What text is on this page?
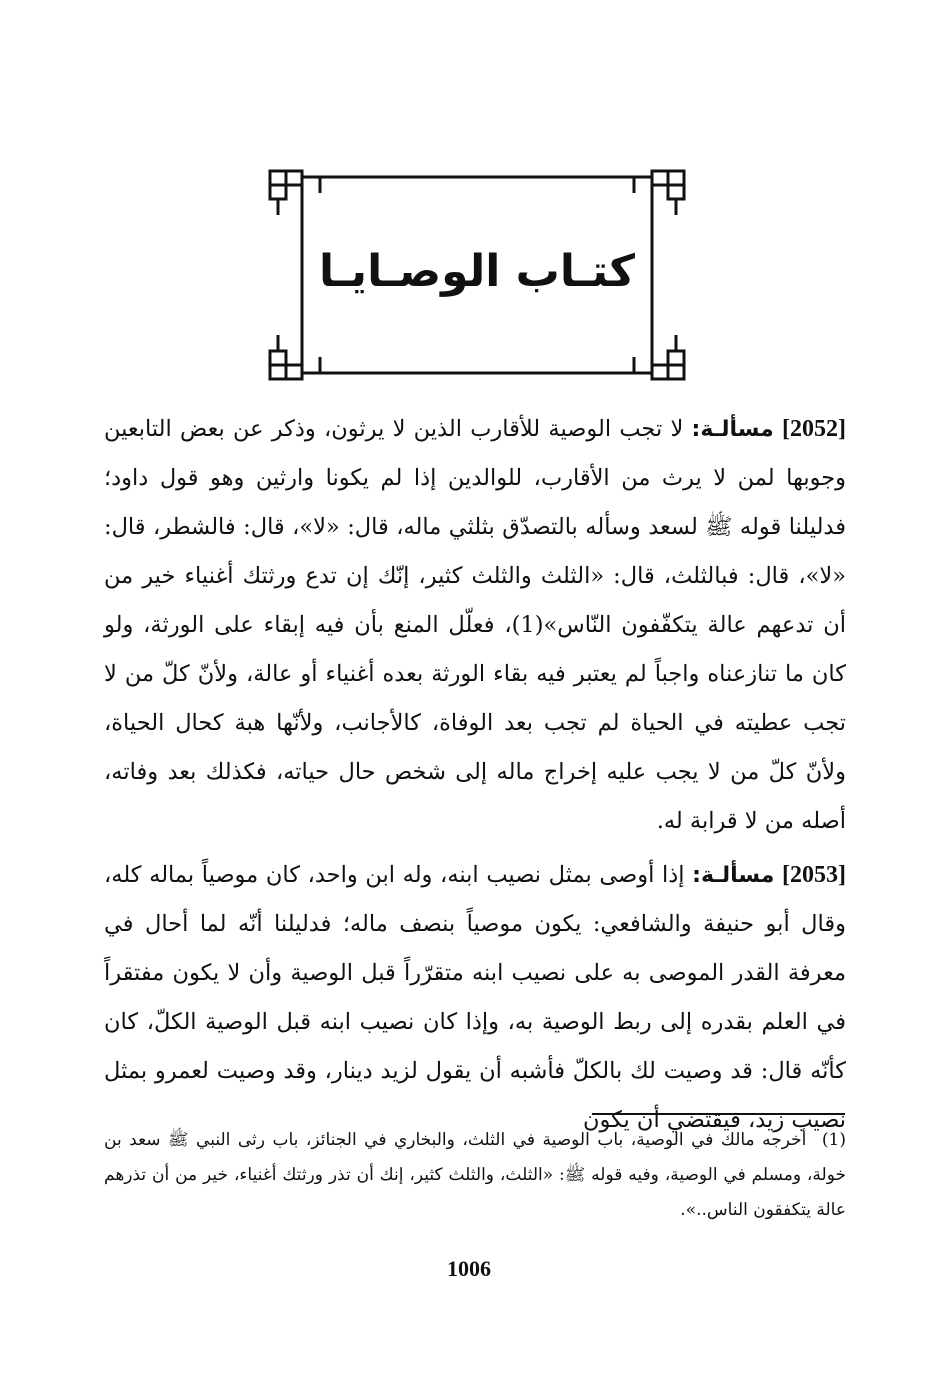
كتـاب الوصـايـا

[2052] مسألـة: لا تجب الوصية للأقارب الذين لا يرثون، وذكر عن بعض التابعين وجوبها لمن لا يرث من الأقارب، للوالدين إذا لم يكونا وارثين وهو قول داود؛ فدليلنا قوله ﷺ لسعد وسأله بالتصدّق بثلثي ماله، قال: «لا»، قال: فالشطر، قال: «لا»، قال: فبالثلث، قال: «الثلث والثلث كثير، إنّك إن تدع ورثتك أغنياء خير من أن تدعهم عالة يتكفّفون النّاس»(1)، فعلّل المنع بأن فيه إبقاء على الورثة، ولو كان ما تنازعناه واجباً لم يعتبر فيه بقاء الورثة بعده أغنياء أو عالة، ولأنّ كلّ من لا تجب عطيته في الحياة لم تجب بعد الوفاة، كالأجانب، ولأنّها هبة كحال الحياة، ولأنّ كلّ من لا يجب عليه إخراج ماله إلى شخص حال حياته، فكذلك بعد وفاته، أصله من لا قرابة له.

[2053] مسألـة: إذا أوصى بمثل نصيب ابنه، وله ابن واحد، كان موصياً بماله كله، وقال أبو حنيفة والشافعي: يكون موصياً بنصف ماله؛ فدليلنا أنّه لما أحال في معرفة القدر الموصى به على نصيب ابنه متقرّراً قبل الوصية وأن لا يكون مفتقراً في العلم بقدره إلى ربط الوصية به، وإذا كان نصيب ابنه قبل الوصية الكلّ، كان كأنّه قال: قد وصيت لك بالكلّ فأشبه أن يقول لزيد دينار، وقد وصيت لعمرو بمثل نصيب زيد، فيقتضي أن يكون

(1) أخرجه مالك في الوصية، باب الوصية في الثلث، والبخاري في الجنائز، باب رثى النبي ﷺ سعد بن خولة، ومسلم في الوصية، وفيه قوله ﷺ: «الثلث، والثلث كثير، إنك أن تذر ورثتك أغنياء، خير من أن تذرهم عالة يتكفقون الناس..».
1006
